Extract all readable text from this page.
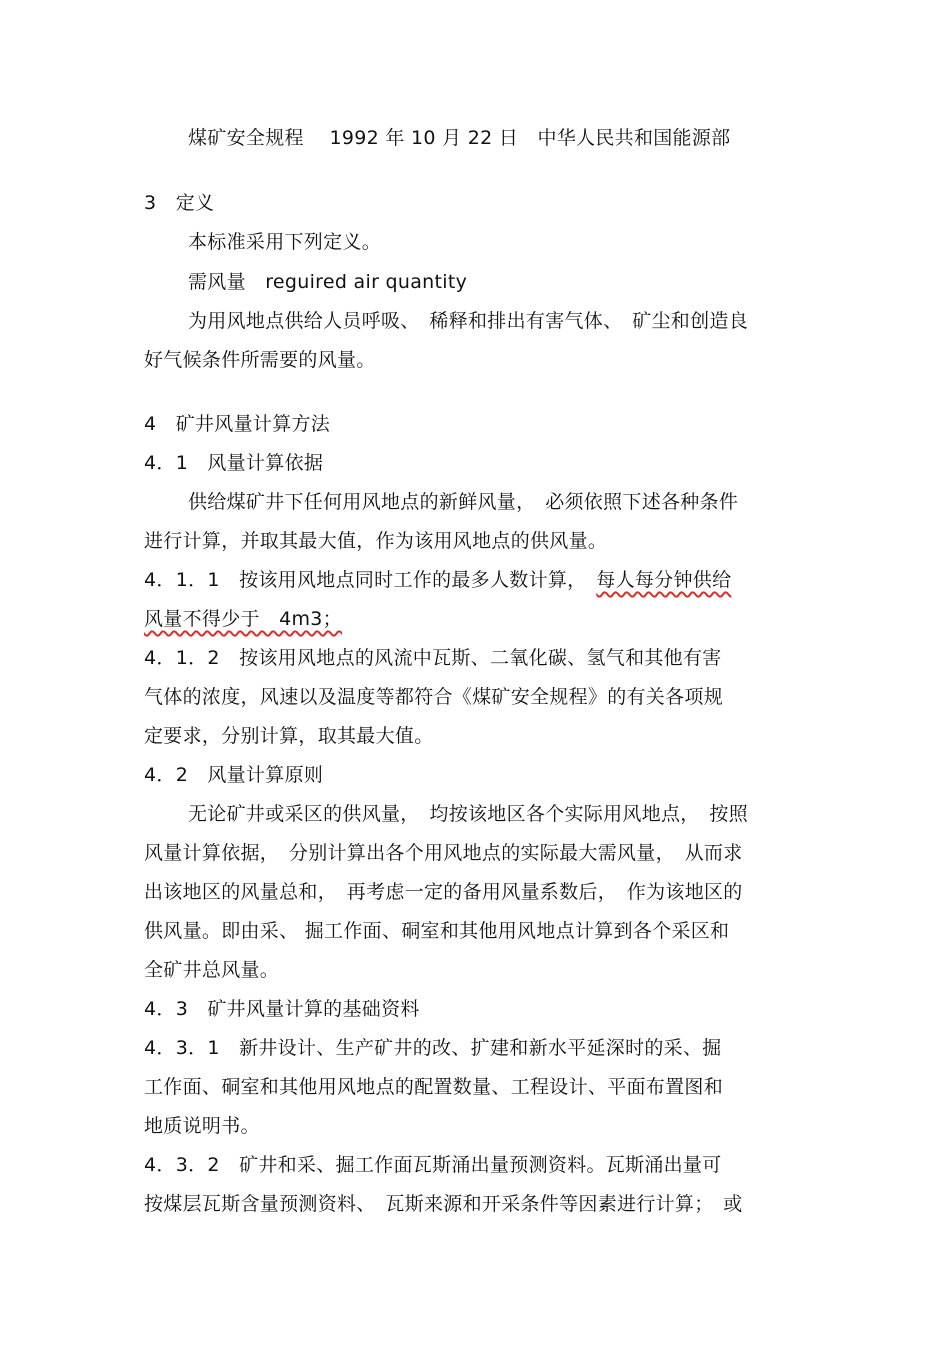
煤矿安全规程 　1992 年 10 月 22 日　中华人民共和国能源部
3　定义
本标准采用下列定义。
需风量　reguired air quantity
为用风地点供给人员呼吸、　稀释和排出有害气体、　矿尘和创造良
好气候条件所需要的风量。
4　矿井风量计算方法
4．1　风量计算依据
供给煤矿井下任何用风地点的新鲜风量，　必须依照下述各种条件
进行计算，并取其最大值，作为该用风地点的供风量。
4．1．1　按该用风地点同时工作的最多人数计算，　每人每分钟供给
风量不得少于　4m3；
4．1．2　按该用风地点的风流中瓦斯、二氧化碳、氢气和其他有害
气体的浓度，风速以及温度等都符合《煤矿安全规程》的有关各项规
定要求，分别计算，取其最大值。
4．2　风量计算原则
无论矿井或采区的供风量，　均按该地区各个实际用风地点，　按照
风量计算依据，　分别计算出各个用风地点的实际最大需风量，　从而求
出该地区的风量总和，　再考虑一定的备用风量系数后，　作为该地区的
供风量。即由采、 掘工作面、硐室和其他用风地点计算到各个采区和
全矿井总风量。
4．3　矿井风量计算的基础资料
4．3．1　新井设计、生产矿井的改、扩建和新水平延深时的采、掘
工作面、硐室和其他用风地点的配置数量、工程设计、平面布置图和
地质说明书。
4．3．2　矿井和采、掘工作面瓦斯涌出量预测资料。瓦斯涌出量可
按煤层瓦斯含量预测资料、　瓦斯来源和开采条件等因素进行计算；　或
